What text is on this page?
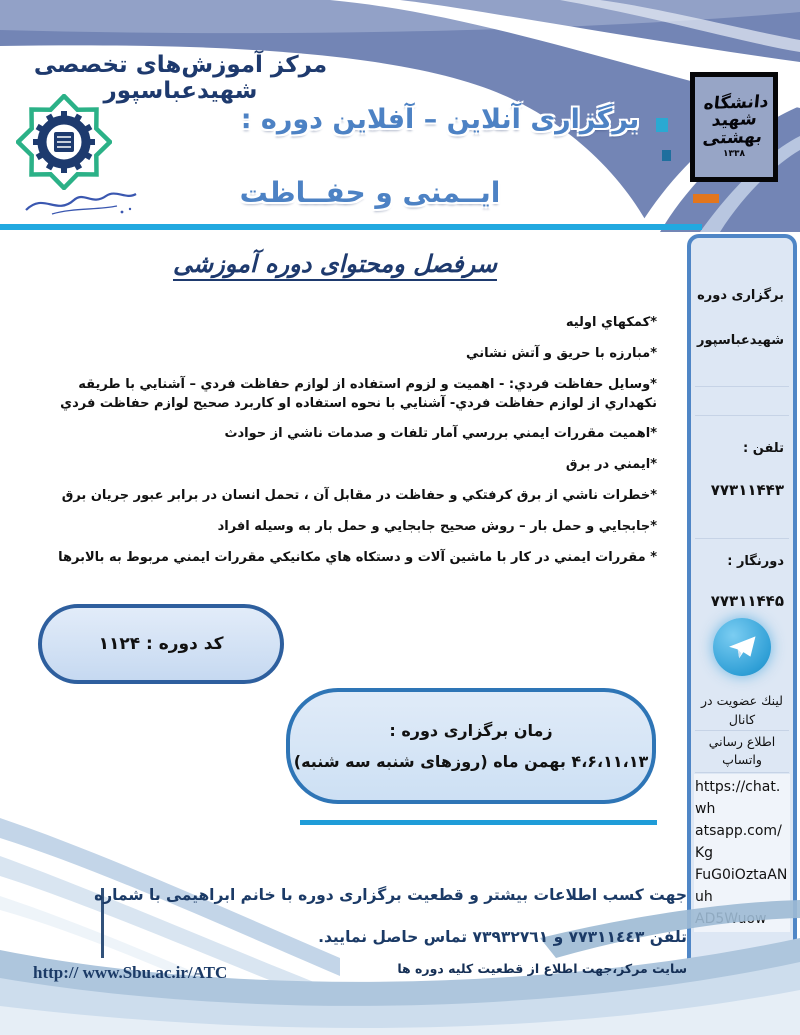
مرکز آموزش‌های تخصصی شهیدعباسپور
برگزاری آنلاین – آفلاین دوره :
ایــمنی و حفــاظت
دانشگاه
شهید
بهشتی
۱۳۳۸
سرفصل ومحتوای دوره آموزشی
*كمكهاي اوليه
*مبارزه با حريق و آتش نشاني
*وسايل حفاظت فردي: - اهميت و لزوم استفاده از لوازم حفاظت فردي – آشنايي با طريقه نكهداري از لوازم حفاظت فردي- آشنايي با نحوه استفاده او كاربرد صحيح لوازم حفاظت فردي
*اهميت مقررات ايمني بررسي آمار تلفات و صدمات ناشي از حوادث
*ايمني در برق
*خطرات ناشي از برق كرفتكي و حفاظت در مقابل آن ، تحمل انسان در برابر عبور جريان برق
*جابجايي و حمل بار – روش صحيح جابجايي و حمل بار به وسيله افراد
* مقررات ايمني در كار با ماشين آلات و دستكاه هاي مكانيكي مقررات ايمني مربوط به بالابرها
كد دوره : ۱۱۲۴
زمان برگزاری دوره :
۴،۶،۱۱،۱۳ بهمن ماه (روزهای شنبه سه شنبه)
برگزاری دوره
شهیدعباسپور
تلفن :
۷۷۳۱۱۴۴۳
دورنگار :
۷۷۳۱۱۴۴۵
لينك عضويت در
كانال
اطلاع رساني
واتساپ
https://chat.wh
atsapp.com/Kg
FuG0iOztaANuh
جهت كسب اطلاعات بيشتر و قطعيت برگزاری دوره با خانم ابراهیمی با شماره
تلفن ٧٧٣١١٤٤٣ و ٧٣٩٣٢٧٦١ تماس حاصل نمایید.
سايت مركز،جهت اطلاع از قطعيت كليه دوره ها
http:// www.Sbu.ac.ir/ATC
